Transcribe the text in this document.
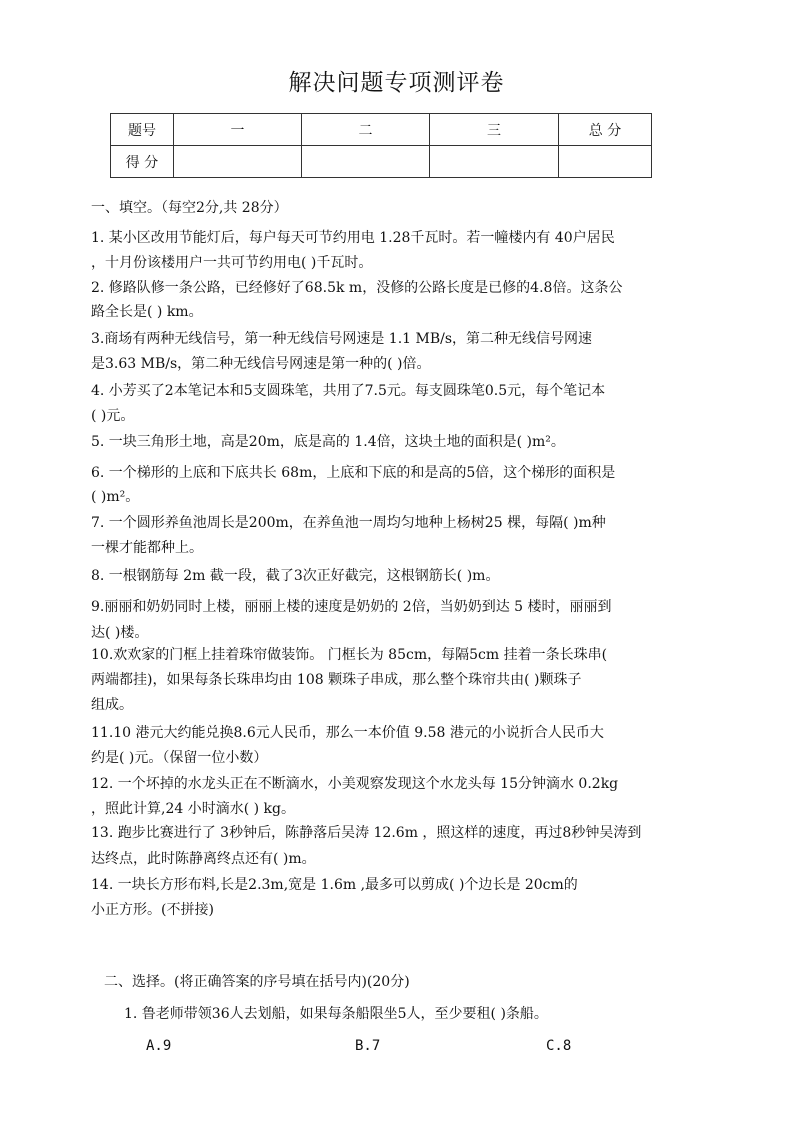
解决问题专项测评卷
题号	一	二	三	总 分
得 分				
一、填空。（每空2分,共 28分）
1. 某小区改用节能灯后，每户每天可节约用电 1.28千瓦时。若一幢楼内有 40户居民
，十月份该楼用户一共可节约用电( )千瓦时。
2. 修路队修一条公路，已经修好了68.5k m，没修的公路长度是已修的4.8倍。这条公
路全长是( ) km。
3.商场有两种无线信号，第一种无线信号网速是 1.1 MB/s，第二种无线信号网速
是3.63 MB/s，第二种无线信号网速是第一种的( )倍。
4. 小芳买了2本笔记本和5支圆珠笔，共用了7.5元。每支圆珠笔0.5元，每个笔记本
( )元。
5. 一块三角形土地，高是20m，底是高的 1.4倍，这块土地的面积是( )m²。
6. 一个梯形的上底和下底共长 68m，上底和下底的和是高的5倍，这个梯形的面积是
( )m²。
7. 一个圆形养鱼池周长是200m，在养鱼池一周均匀地种上杨树25 棵，每隔( )m种
一棵才能都种上。
8. 一根钢筋每 2m 截一段，截了3次正好截完，这根钢筋长( )m。
9.丽丽和奶奶同时上楼，丽丽上楼的速度是奶奶的 2倍，当奶奶到达 5 楼时，丽丽到
达( )楼。
10.欢欢家的门框上挂着珠帘做装饰。 门框长为 85cm，每隔5cm 挂着一条长珠串(
两端都挂)，如果每条长珠串均由 108 颗珠子串成，那么整个珠帘共由( )颗珠子
组成。
11.10 港元大约能兑换8.6元人民币，那么一本价值 9.58 港元的小说折合人民币大
约是( )元。（保留一位小数）
12. 一个坏掉的水龙头正在不断滴水，小美观察发现这个水龙头每 15分钟滴水 0.2kg
，照此计算,24 小时滴水( ) kg。
13. 跑步比赛进行了 3秒钟后，陈静落后吴涛 12.6m ，照这样的速度，再过8秒钟吴涛到
达终点，此时陈静离终点还有( )m。
14. 一块长方形布料,长是2.3m,宽是 1.6m ,最多可以剪成( )个边长是 20cm的
小正方形。(不拼接)
二、选择。(将正确答案的序号填在括号内)(20分)
1. 鲁老师带领36人去划船，如果每条船限坐5人，至少要租( )条船。
A.9	B.7	C.8
